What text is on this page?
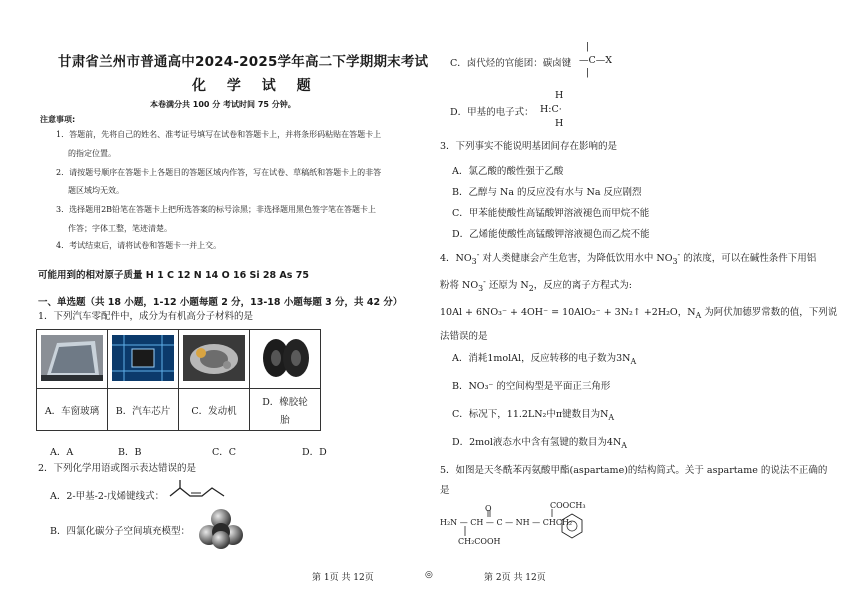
甘肃省兰州市普通高中2024-2025学年高二下学期期末考试
化 学 试 题
本卷满分共 100 分 考试时间 75 分钟。
注意事项:
1．答题前，先将自己的姓名、准考证号填写在试卷和答题卡上，并将条形码粘贴在答题卡上
的指定位置。
2．请按题号顺序在答题卡上各题目的答题区域内作答，写在试卷、草稿纸和答题卡上的非答
题区域均无效。
3．选择题用2B铅笔在答题卡上把所选答案的标号涂黑；非选择题用黑色签字笔在答题卡上
作答；字体工整，笔迹清楚。
4．考试结束后，请将试卷和答题卡一并上交。
可能用到的相对原子质量 H 1 C 12 N 14 O 16 Si 28 As 75
一、单选题（共 18 小题，1-12 小题每题 2 分，13-18 小题每题 3 分，共 42 分）
1．下列汽车零配件中，成分为有机高分子材料的是

A．车窗玻璃	B．汽车芯片	C．发动机	D．橡胶轮
胎
A．A	B．B	C．C	D．D
2．下列化学用语或图示表达错误的是
A．2-甲基-2-戊烯键线式：
B．四氯化碳分子空间填充模型：
C．卤代烃的官能团：碳卤键
|
—C—X
|
D．甲基的电子式：
H
H:C·
H
3．下列事实不能说明基团间存在影响的是
A．氯乙酸的酸性强于乙酸
B．乙醇与 Na 的反应没有水与 Na 反应剧烈
C．甲苯能使酸性高锰酸钾溶液褪色而甲烷不能
D．乙烯能使酸性高锰酸钾溶液褪色而乙烷不能
4．$NO_3^-$ 对人类健康会产生危害，为降低饮用水中 $NO_3^-$ 的浓度，可以在碱性条件下用铝
粉将 $NO_3^-$ 还原为 $N_2$，反应的离子方程式为:
10Al + 6NO₃⁻ + 4OH⁻ = 10AlO₂⁻ + 3N₂↑ +2H₂O，$N_A$ 为阿伏加德罗常数的值，下列说
法错误的是
A．消耗1molAl，反应转移的电子数为$3N_A$
B．NO₃⁻ 的空间构型是平面正三角形
C．标况下，11.2LN₂中π键数目为$N_A$
D．2mol液态水中含有氢键的数目为$4N_A$
5．如图是天冬酰苯丙氨酸甲酯(aspartame)的结构简式。关于 aspartame 的说法不正确的
是
COOCH₃
O
H₂N — CH — C — NH — CHCH₂
CH₂COOH
第 1页 共 12页	◎	第 2页 共 12页
